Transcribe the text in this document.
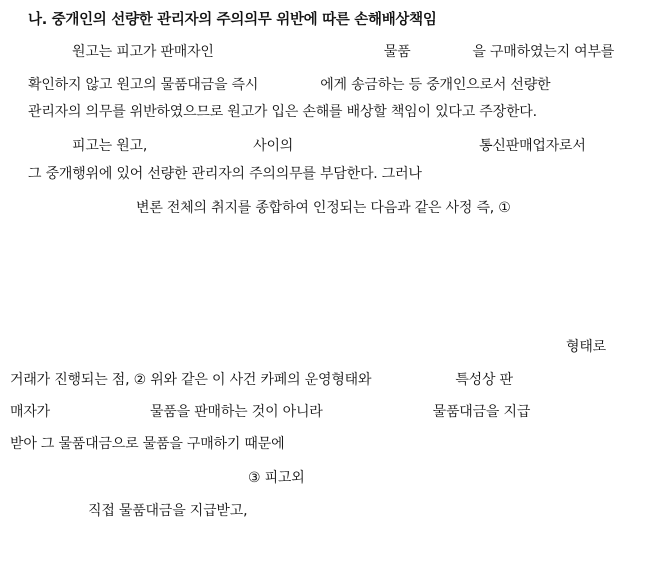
나. 중개인의 선량한 관리자의 주의의무 위반에 따른 손해배상책임
원고는 피고가 판매자인	물품	을 구매하였는지 여부를
확인하지 않고 원고의 물품대금을 즉시	에게 송금하는 등 중개인으로서 선량한
관리자의 의무를 위반하였으므로 원고가 입은 손해를 배상할 책임이 있다고 주장한다.
피고는 원고,	사이의	통신판매업자로서
그 중개행위에 있어 선량한 관리자의 주의의무를 부담한다. 그러나
변론 전체의 취지를 종합하여 인정되는 다음과 같은 사정 즉, ①
형태로
거래가 진행되는 점, ② 위와 같은 이 사건 카페의 운영형태와	특성상 판
매자가	물품을 판매하는 것이 아니라	물품대금을 지급
받아 그 물품대금으로 물품을 구매하기 때문에
③ 피고외
직접 물품대금을 지급받고,
